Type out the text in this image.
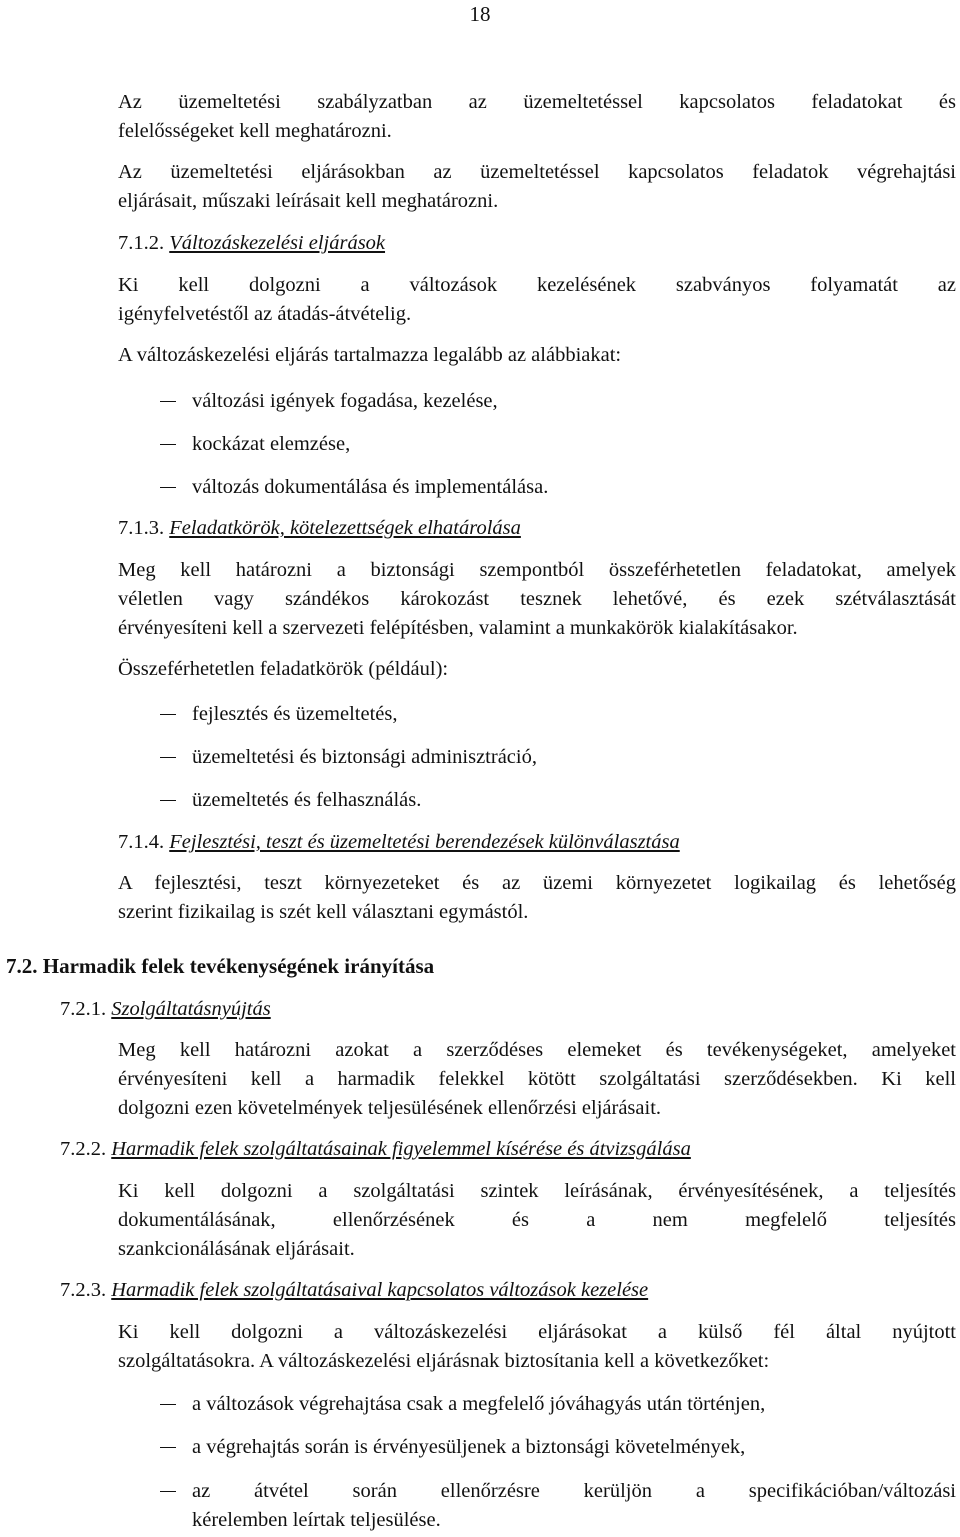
18
Az üzemeltetési szabályzatban az üzemeltetéssel kapcsolatos feladatokat és
felelősségeket kell meghatározni.
Az üzemeltetési eljárásokban az üzemeltetéssel kapcsolatos feladatok végrehajtási
eljárásait, műszaki leírásait kell meghatározni.
7.1.2. Változáskezelési eljárások
Ki kell dolgozni a változások kezelésének szabványos folyamatát az
igényfelvetéstől az átadás-átvételig.
A változáskezelési eljárás tartalmazza legalább az alábbiakat:
változási igények fogadása, kezelése,
kockázat elemzése,
változás dokumentálása és implementálása.
7.1.3. Feladatkörök, kötelezettségek elhatárolása
Meg kell határozni a biztonsági szempontból összeférhetetlen feladatokat, amelyek
véletlen vagy szándékos károkozást tesznek lehetővé, és ezek szétválasztását
érvényesíteni kell a szervezeti felépítésben, valamint a munkakörök kialakításakor.
Összeférhetetlen feladatkörök (például):
fejlesztés és üzemeltetés,
üzemeltetési és biztonsági adminisztráció,
üzemeltetés és felhasználás.
7.1.4. Fejlesztési, teszt és üzemeltetési berendezések különválasztása
A fejlesztési, teszt környezeteket és az üzemi környezetet logikailag és lehetőség
szerint fizikailag is szét kell választani egymástól.
7.2. Harmadik felek tevékenységének irányítása
7.2.1. Szolgáltatásnyújtás
Meg kell határozni azokat a szerződéses elemeket és tevékenységeket, amelyeket
érvényesíteni kell a harmadik felekkel kötött szolgáltatási szerződésekben. Ki kell
dolgozni ezen követelmények teljesülésének ellenőrzési eljárásait.
7.2.2. Harmadik felek szolgáltatásainak figyelemmel kísérése és átvizsgálása
Ki kell dolgozni a szolgáltatási szintek leírásának, érvényesítésének, a teljesítés
dokumentálásának, ellenőrzésének és a nem megfelelő teljesítés
szankcionálásának eljárásait.
7.2.3. Harmadik felek szolgáltatásaival kapcsolatos változások kezelése
Ki kell dolgozni a változáskezelési eljárásokat a külső fél által nyújtott
szolgáltatásokra. A változáskezelési eljárásnak biztosítania kell a következőket:
a változások végrehajtása csak a megfelelő jóváhagyás után történjen,
a végrehajtás során is érvényesüljenek a biztonsági követelmények,
az átvétel során ellenőrzésre kerüljön a specifikációban/változási
kérelemben leírtak teljesülése.
